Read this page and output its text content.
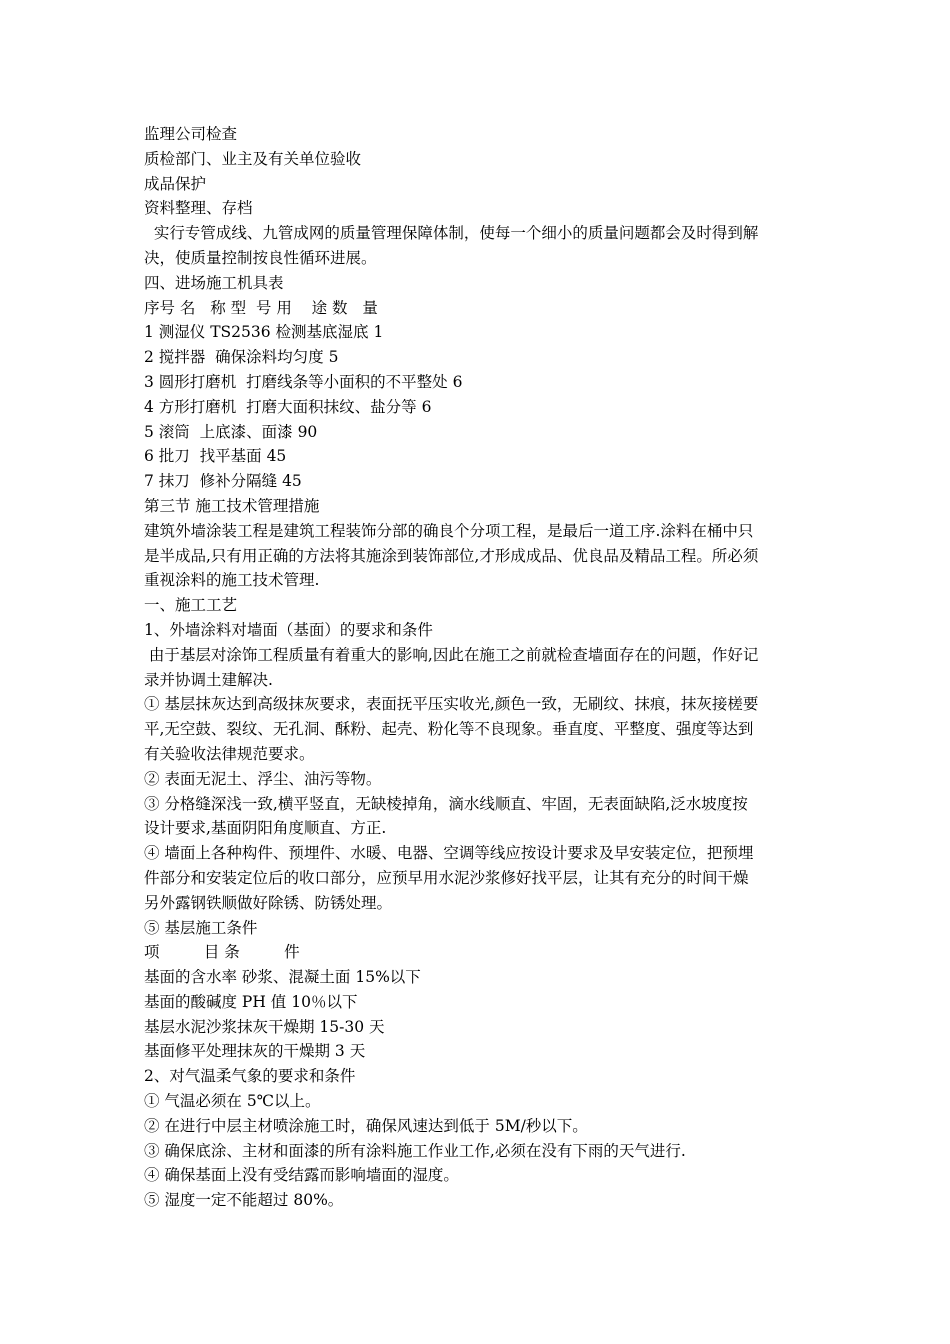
监理公司检查
质检部门、业主及有关单位验收
成品保护
资料整理、存档
实行专管成线、九管成网的质量管理保障体制，使每一个细小的质量问题都会及时得到解
决，使质量控制按良性循环进展。
四、进场施工机具表
序号 名   称 型  号 用    途 数   量
1 测湿仪 TS2536 检测基底湿底 1
2 搅拌器  确保涂料均匀度 5
3 圆形打磨机  打磨线条等小面积的不平整处 6
4 方形打磨机  打磨大面积抹纹、盐分等 6
5 滚筒  上底漆、面漆 90
6 批刀  找平基面 45
7 抹刀  修补分隔缝 45
第三节 施工技术管理措施
建筑外墙涂装工程是建筑工程装饰分部的确良个分项工程，是最后一道工序.涂料在桶中只
是半成品,只有用正确的方法将其施涂到装饰部位,才形成成品、优良品及精品工程。所必须
重视涂料的施工技术管理.
一、施工工艺
1、外墙涂料对墙面（基面）的要求和条件
由于基层对涂饰工程质量有着重大的影响,因此在施工之前就检查墙面存在的问题，作好记
录并协调土建解决.
① 基层抹灰达到高级抹灰要求，表面抚平压实收光,颜色一致，无刷纹、抹痕，抹灰接槎要
平,无空鼓、裂纹、无孔洞、酥粉、起壳、粉化等不良现象。垂直度、平整度、强度等达到
有关验收法律规范要求。
② 表面无泥土、浮尘、油污等物。
③ 分格缝深浅一致,横平竖直，无缺棱掉角，滴水线顺直、牢固，无表面缺陷,泛水坡度按
设计要求,基面阴阳角度顺直、方正.
④ 墙面上各种构件、预埋件、水暖、电器、空调等线应按设计要求及早安装定位，把预埋
件部分和安装定位后的收口部分，应预早用水泥沙浆修好找平层，让其有充分的时间干燥
另外露钢铁顺做好除锈、防锈处理。
⑤ 基层施工条件
项         目 条         件
基面的含水率 砂浆、混凝土面 15%以下
基面的酸碱度 PH 值 10％以下
基层水泥沙浆抹灰干燥期 15-30 天
基面修平处理抹灰的干燥期 3 天
2、对气温柔气象的要求和条件
① 气温必须在 5℃以上。
② 在进行中层主材喷涂施工时，确保风速达到低于 5M/秒以下。
③ 确保底涂、主材和面漆的所有涂料施工作业工作,必须在没有下雨的天气进行.
④ 确保基面上没有受结露而影响墙面的湿度。
⑤ 湿度一定不能超过 80%。
